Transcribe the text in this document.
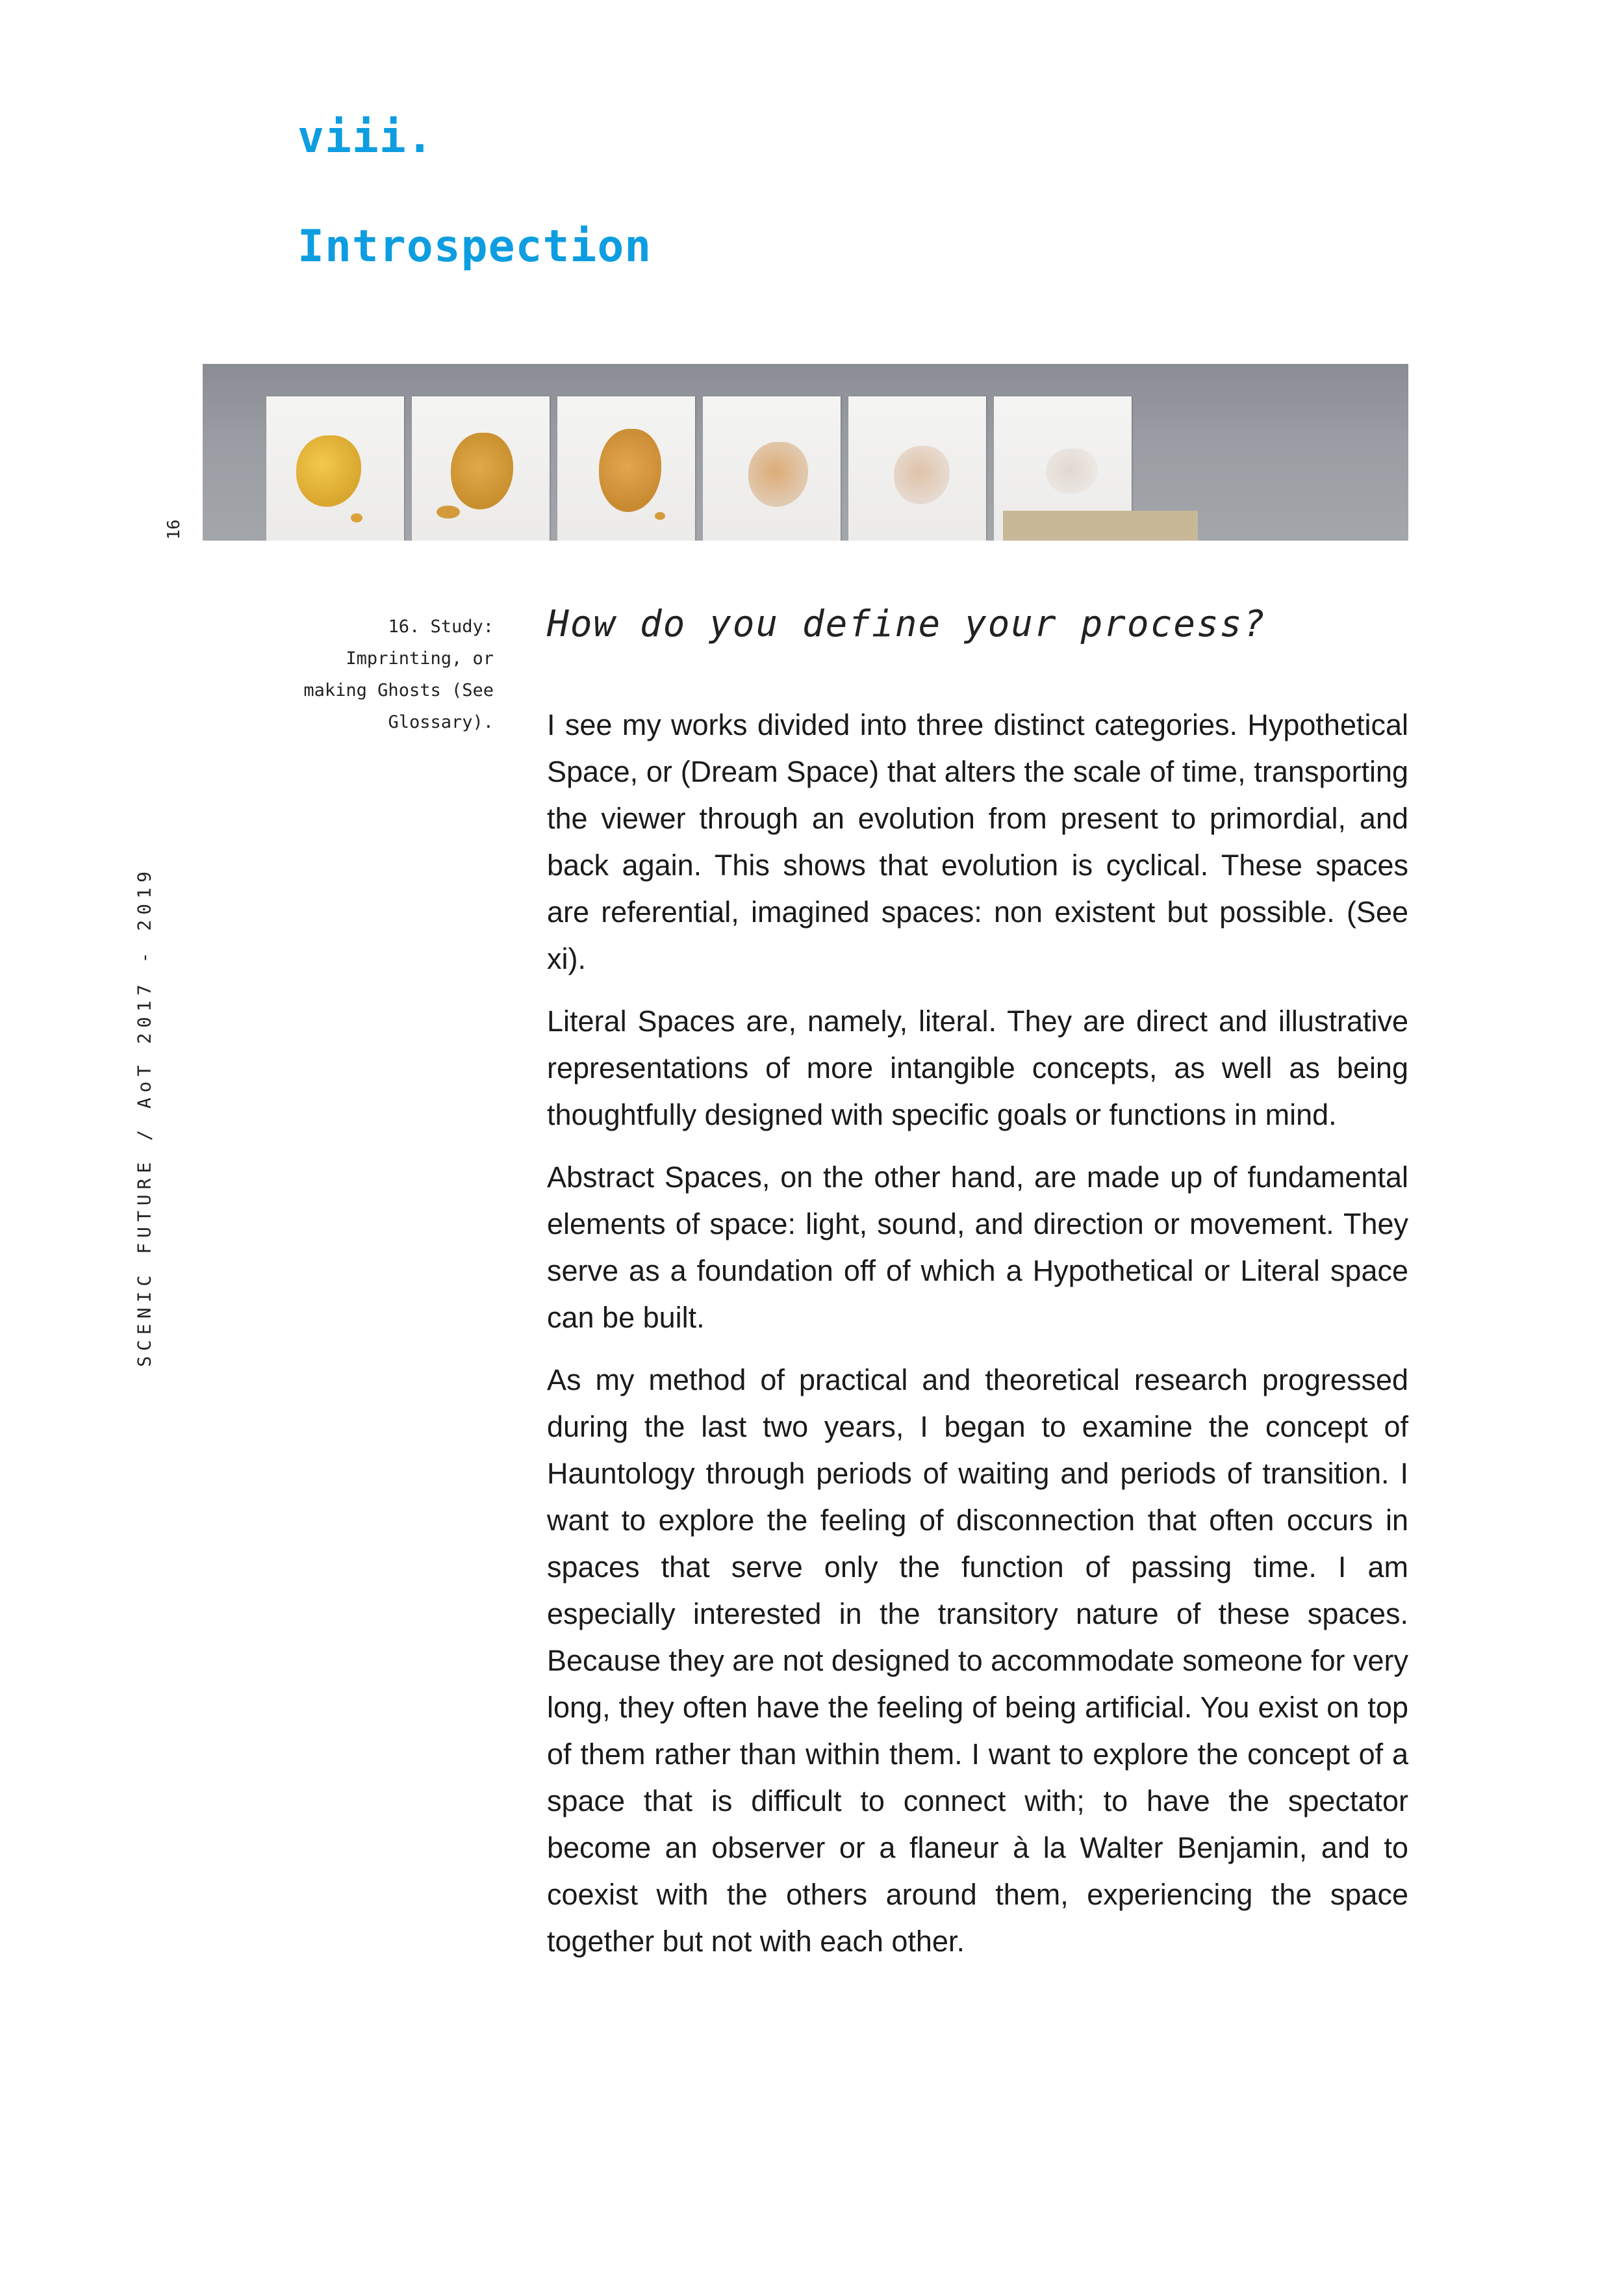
viii.
Introspection
16
SCENIC FUTURE / AoT 2017 - 2019

16. Study: Imprinting, or making Ghosts (See Glossary).

How do you define your process?

I see my works divided into three distinct categories. Hypothetical Space, or (Dream Space) that alters the scale of time, transporting the viewer through an evolution from present to primordial, and back again. This shows that evolution is cyclical. These spaces are referential, imagined spaces: non existent but possible. (See xi).

Literal Spaces are, namely, literal. They are direct and illustrative representations of more intangible concepts, as well as being thoughtfully designed with specific goals or functions in mind.

Abstract Spaces, on the other hand, are made up of fundamental elements of space: light, sound, and direction or movement. They serve as a foundation off of which a Hypothetical or Literal space can be built.

As my method of practical and theoretical research progressed during the last two years, I began to examine the concept of Hauntology through periods of waiting and periods of transition. I want to explore the feeling of disconnection that often occurs in spaces that serve only the function of passing time. I am especially interested in the transitory nature of these spaces. Because they are not designed to accommodate someone for very long, they often have the feeling of being artificial. You exist on top of them rather than within them. I want to explore the concept of a space that is difficult to connect with; to have the spectator become an observer or a flaneur à la Walter Benjamin, and to coexist with the others around them, experiencing the space together but not with each other.
